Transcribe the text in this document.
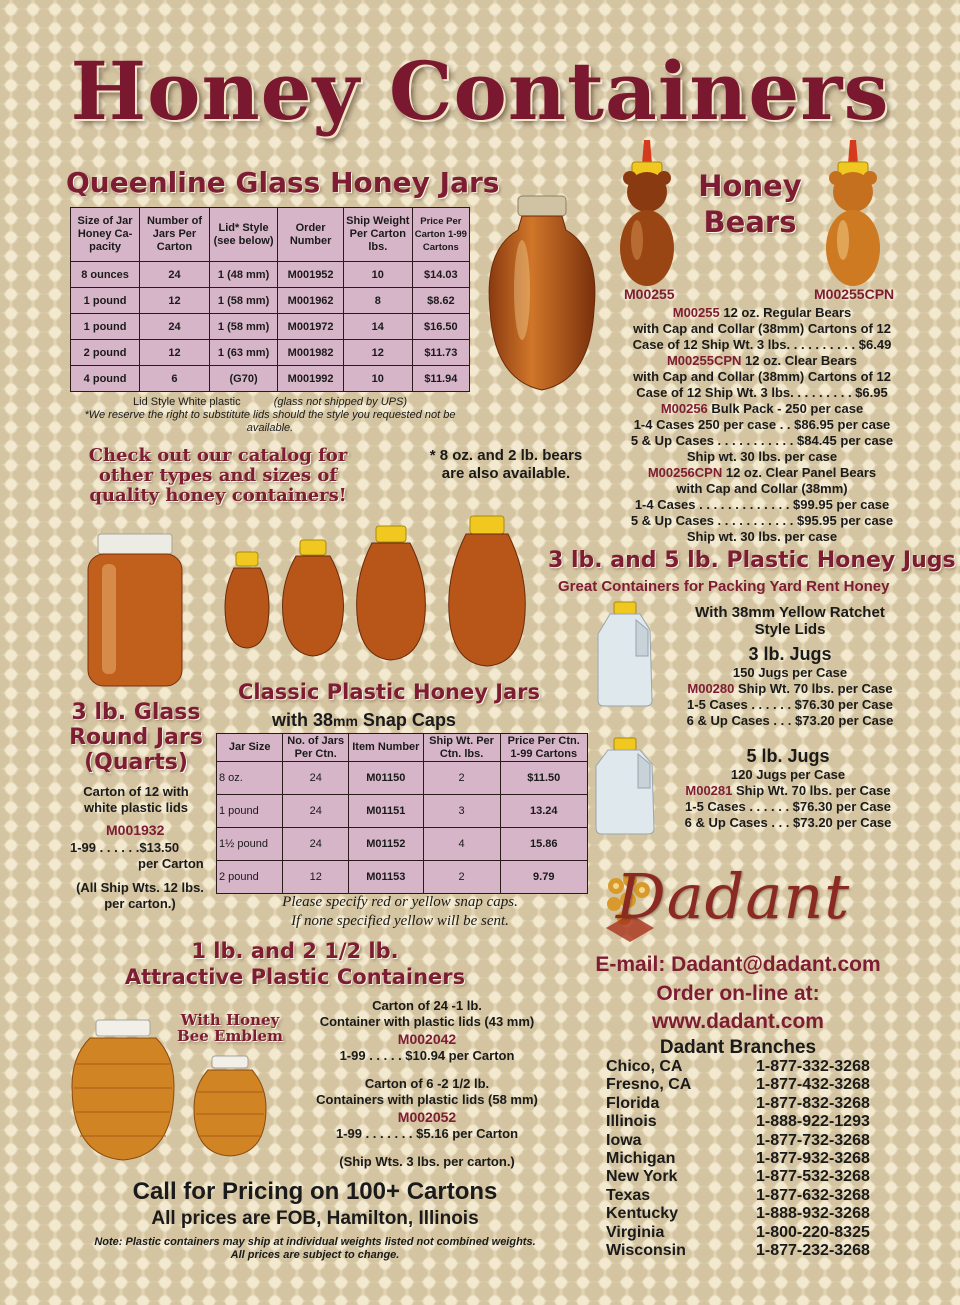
Honey Containers
Queenline Glass Honey Jars
Size of Jar Honey Ca-pacity	Number of Jars Per Carton	Lid* Style (see below)	Order Number	Ship Weight Per Carton lbs.	Price Per Carton 1-99 Cartons
8 ounces	24	1 (48 mm)	M001952	10	$14.03
1 pound	12	1 (58 mm)	M001962	8	$8.62
1 pound	24	1 (58 mm)	M001972	14	$16.50
2 pound	12	1 (63 mm)	M001982	12	$11.73
4 pound	6	(G70)	M001992	10	$11.94
Lid Style White plastic	(glass not shipped by UPS)
*We reserve the right to substitute lids should the style you requested not be available.
Honey
Bears
M00255	M00255CPN
M00255 12 oz. Regular Bears
with Cap and Collar (38mm) Cartons of 12
Case of 12 Ship Wt. 3 lbs. . . . . . . . . . $6.49
M00255CPN 12 oz. Clear Bears
with Cap and Collar (38mm) Cartons of 12
Case of 12 Ship Wt. 3 lbs. . . . . . . . . $6.95
M00256 Bulk Pack - 250 per case
1-4 Cases 250 per case . . $86.95 per case
5 & Up Cases . . . . . . . . . . . $84.45 per case
Ship wt. 30 lbs. per case
M00256CPN 12 oz. Clear Panel Bears
with Cap and Collar (38mm)
1-4 Cases . . . . . . . . . . . . . $99.95 per case
5 & Up Cases . . . . . . . . . . . $95.95 per case
Ship wt. 30 lbs. per case
Check out our catalog for other types and sizes of quality honey containers!
* 8 oz. and 2 lb. bears are also available.
3 lb. and 5 lb. Plastic Honey Jugs
Great Containers for Packing Yard Rent Honey
With 38mm Yellow Ratchet Style Lids
3 lb. Jugs
150 Jugs per Case
M00280 Ship Wt. 70 lbs. per Case
1-5 Cases . . . . . . $76.30 per Case
6 & Up Cases . . . $73.20 per Case
5 lb. Jugs
120 Jugs per Case
M00281 Ship Wt. 70 lbs. per Case
1-5 Cases . . . . . . $76.30 per Case
6 & Up Cases . . . $73.20 per Case
3 lb. Glass
Round Jars
(Quarts)
Carton of 12 with white plastic lids
M001932
1-99 . . . . . .$13.50
per Carton
(All Ship Wts. 12 lbs. per carton.)
Classic Plastic Honey Jars
with 38mm Snap Caps
Jar Size	No. of Jars Per Ctn.	Item Number	Ship Wt. Per Ctn. lbs.	Price Per Ctn. 1-99 Cartons
8 oz.	24	M01150	2	$11.50
1 pound	24	M01151	3	13.24
1½ pound	24	M01152	4	15.86
2 pound	12	M01153	2	9.79
Please specify red or yellow snap caps.
If none specified yellow will be sent.
1 lb. and 2 1/2 lb.
Attractive Plastic Containers
With Honey
Bee Emblem
Carton of 24 -1 lb.
Container with plastic lids (43 mm)
M002042
1-99 . . . . . $10.94 per Carton
Carton of 6 -2 1/2 lb.
Containers with plastic lids (58 mm)
M002052
1-99 . . . . . . . $5.16 per Carton
(Ship Wts. 3 lbs. per carton.)
Call for Pricing on 100+ Cartons
All prices are FOB, Hamilton, Illinois
Note: Plastic containers may ship at individual weights listed not combined weights.
All prices are subject to change.
Dadant
E-mail: Dadant@dadant.com
Order on-line at:
www.dadant.com
Dadant Branches
Chico, CA	1-877-332-3268
Fresno, CA	1-877-432-3268
Florida	1-877-832-3268
Illinois	1-888-922-1293
Iowa	1-877-732-3268
Michigan	1-877-932-3268
New York	1-877-532-3268
Texas	1-877-632-3268
Kentucky	1-888-932-3268
Virginia	1-800-220-8325
Wisconsin	1-877-232-3268
